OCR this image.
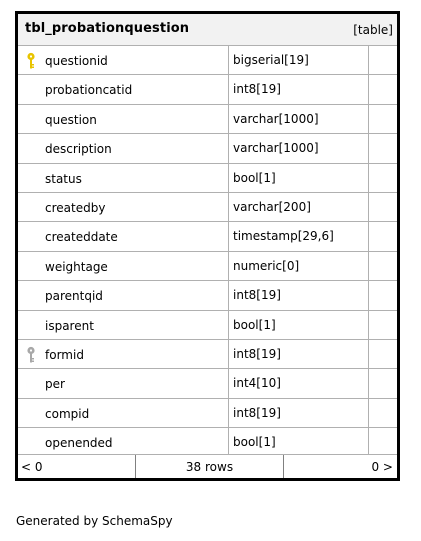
tbl_probationquestion	[table]
questionid	bigserial[19]
probationcatid	int8[19]
question	varchar[1000]
description	varchar[1000]
status	bool[1]
createdby	varchar[200]
createddate	timestamp[29,6]
weightage	numeric[0]
parentqid	int8[19]
isparent	bool[1]
formid	int8[19]
per	int4[10]
compid	int8[19]
openended	bool[1]
< 0	38 rows	0 >
Generated by SchemaSpy
